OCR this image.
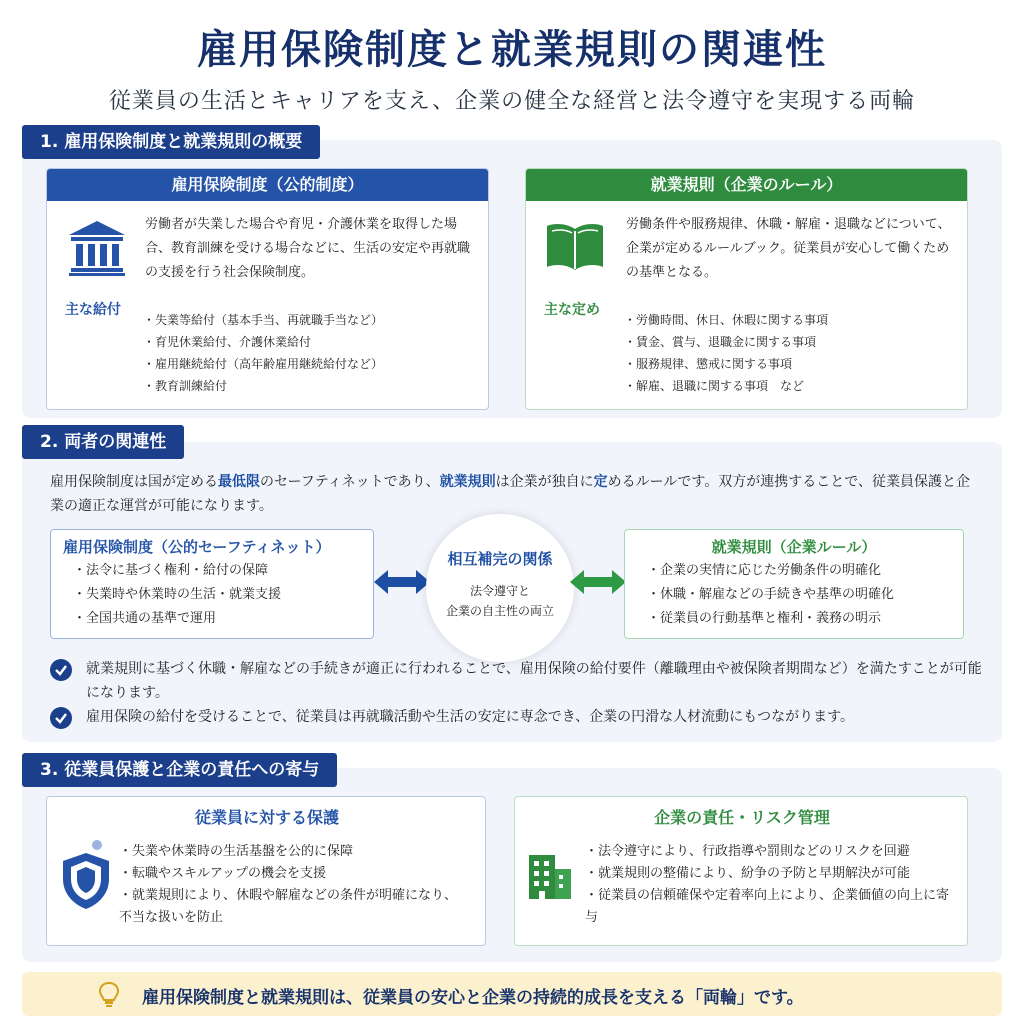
雇用保険制度と就業規則の関連性
従業員の生活とキャリアを支え、企業の健全な経営と法令遵守を実現する両輪
1. 雇用保険制度と就業規則の概要
雇用保険制度（公的制度）
労働者が失業した場合や育児・介護休業を取得した場合、教育訓練を受ける場合などに、生活の安定や再就職の支援を行う社会保険制度。
主な給付
・ 失業等給付（基本手当、再就職手当など）
・ 育児休業給付、介護休業給付
・ 雇用継続給付（高年齢雇用継続給付など）
・ 教育訓練給付
就業規則（企業のルール）
労働条件や服務規律、休職・解雇・退職などについて、企業が定めるルールブック。従業員が安心して働くための基準となる。
主な定め
・ 労働時間、休日、休暇に関する事項
・ 賃金、賞与、退職金に関する事項
・ 服務規律、懲戒に関する事項
・ 解雇、退職に関する事項　など
2. 両者の関連性
雇用保険制度は国が定める最低限のセーフティネットであり、就業規則は企業が独自に定めるルールです。双方が連携することで、従業員保護と企業の適正な運営が可能になります。
雇用保険制度（公的セーフティネット）
・ 法令に基づく権利・給付の保障
・ 失業時や休業時の生活・就業支援
・ 全国共通の基準で運用
相互補完の関係
法令遵守と
企業の自主性の両立
就業規則（企業ルール）
・ 企業の実情に応じた労働条件の明確化
・ 休職・解雇などの手続きや基準の明確化
・ 従業員の行動基準と権利・義務の明示
就業規則に基づく休職・解雇などの手続きが適正に行われることで、雇用保険の給付要件（離職理由や被保険者期間など）を満たすことが可能になります。
雇用保険の給付を受けることで、従業員は再就職活動や生活の安定に専念でき、企業の円滑な人材流動にもつながります。
3. 従業員保護と企業の責任への寄与
従業員に対する保護
・ 失業や休業時の生活基盤を公的に保障
・ 転職やスキルアップの機会を支援
・ 就業規則により、休暇や解雇などの条件が明確になり、不当な扱いを防止
企業の責任・リスク管理
・ 法令遵守により、行政指導や罰則などのリスクを回避
・ 就業規則の整備により、紛争の予防と早期解決が可能
・ 従業員の信頼確保や定着率向上により、企業価値の向上に寄与
雇用保険制度と就業規則は、従業員の安心と企業の持続的成長を支える「両輪」です。
